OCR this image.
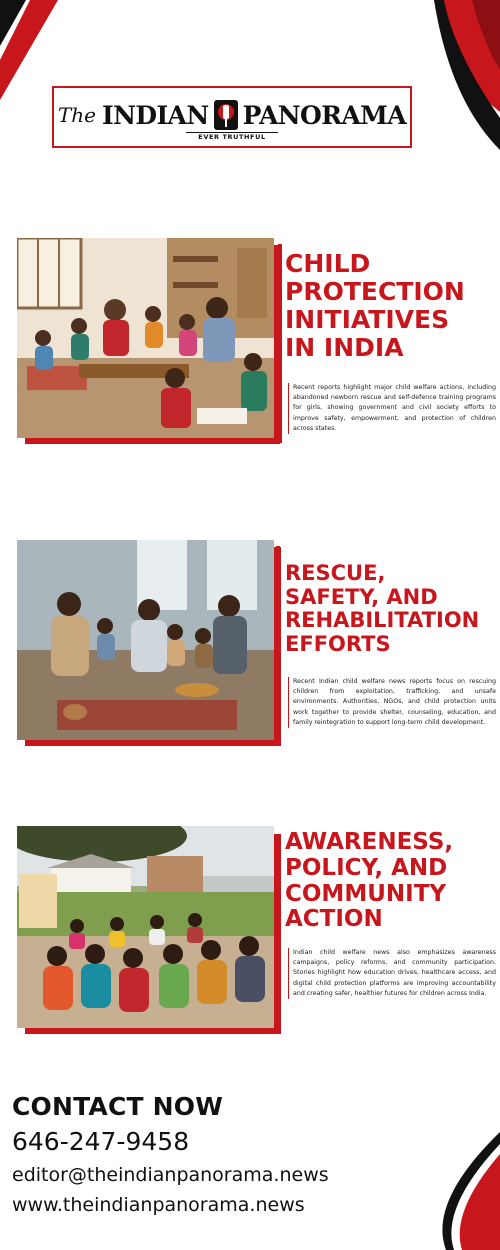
The INDIAN PANORAMA
EVER TRUTHFUL
CHILD
PROTECTION
INITIATIVES
IN INDIA

Recent reports highlight major child welfare actions, including abandoned newborn rescue and self-defence training programs for girls, showing government and civil society efforts to improve safety, empowerment, and protection of children across states.

RESCUE,
SAFETY, AND
REHABILITATION
EFFORTS

Recent Indian child welfare news reports focus on rescuing children from exploitation, trafficking, and unsafe environments. Authorities, NGOs, and child protection units work together to provide shelter, counseling, education, and family reintegration to support long-term child development.

AWARENESS,
POLICY, AND
COMMUNITY
ACTION

Indian child welfare news also emphasizes awareness campaigns, policy reforms, and community participation. Stories highlight how education drives, healthcare access, and digital child protection platforms are improving accountability and creating safer, healthier futures for children across India.

CONTACT NOW

646-247-9458

editor@theindianpanorama.news

www.theindianpanorama.news
